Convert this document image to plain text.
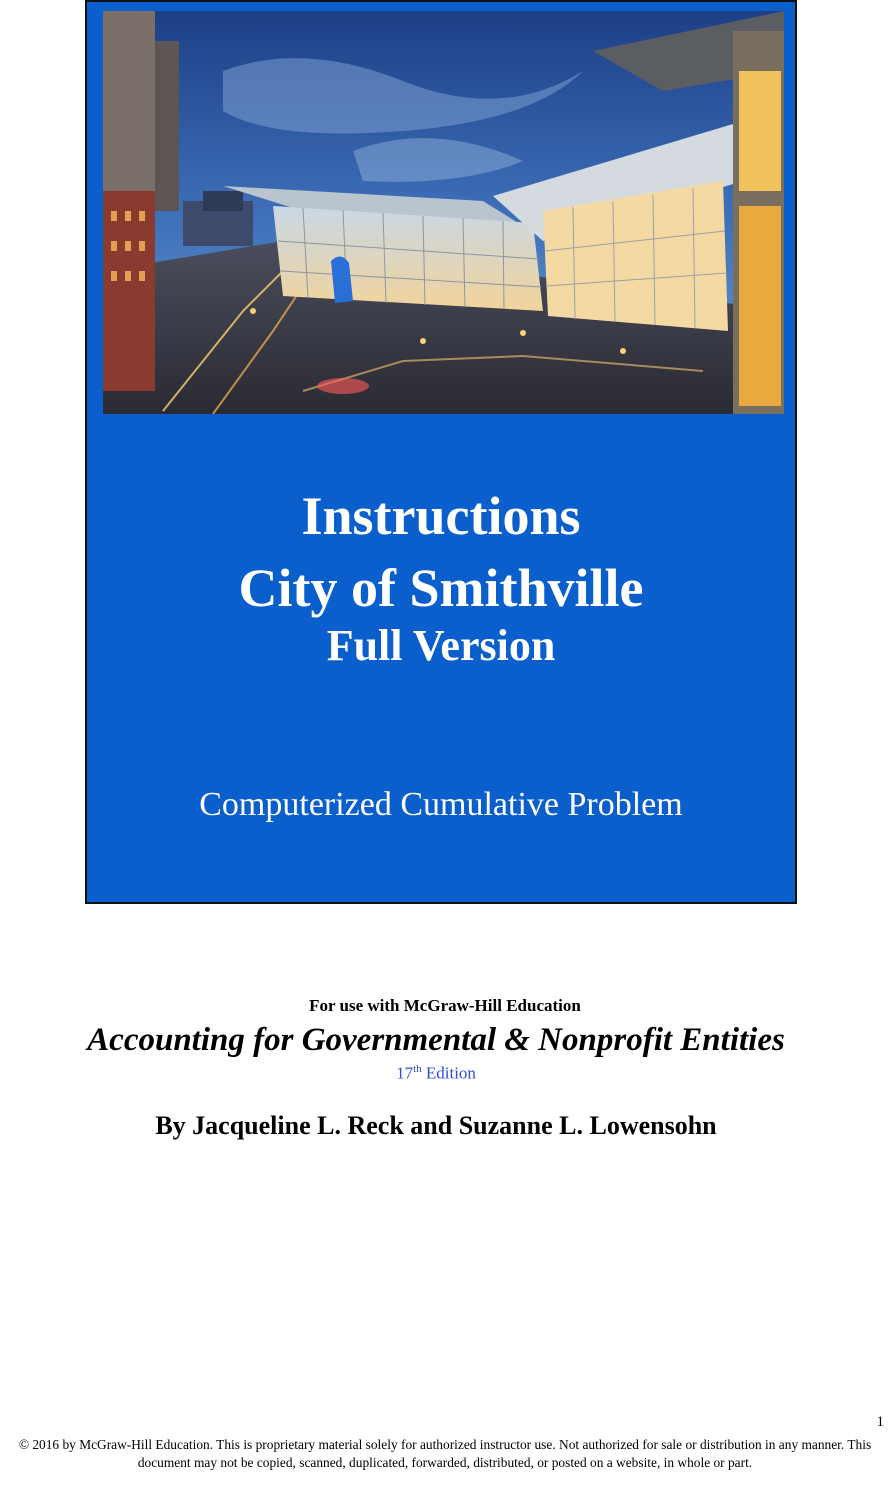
Instructions
City of Smithville
Full Version
Computerized Cumulative Problem
For use with McGraw-Hill Education
Accounting for Governmental & Nonprofit Entities
17th Edition
By Jacqueline L. Reck and Suzanne L. Lowensohn
1
© 2016 by McGraw-Hill Education. This is proprietary material solely for authorized instructor use. Not authorized for sale or distribution in any manner. This document may not be copied, scanned, duplicated, forwarded, distributed, or posted on a website, in whole or part.
